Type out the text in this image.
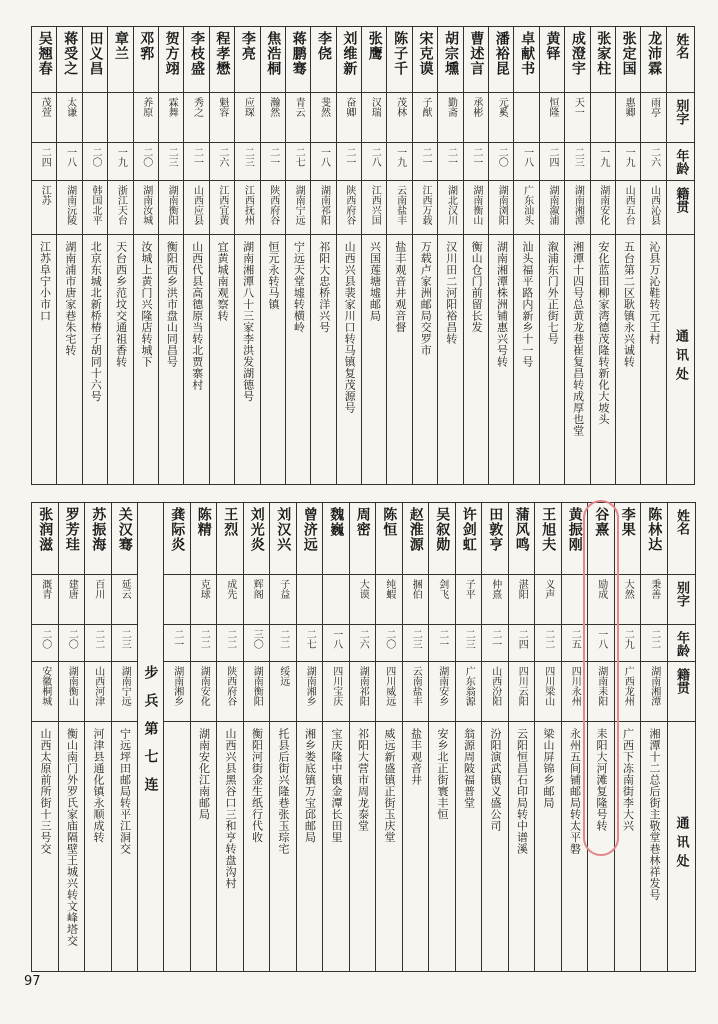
吴翘春	蒋受之	田义昌	章兰	邓郛	贺方翊	李枝盛	程孝懋	李亮	焦浩桐	蒋鹏骞	李侥	刘维新	张鹰	陈子千	宋克谟	胡宗壎	曹述言	潘裕昆	卓献书	黄铎	成澄宇	张家柱	张定国	龙沛霖	姓名
茂萱	太谦			养原	霖舞	秀之	魁容	应琛	瀚然	青云	斐然	奋卿	汉瑞	茂林	子猷	勤斋	承彬	元奚		恒隆	天一		惠卿	雨亭	别字
二四	一八	二〇	一九	二〇	二三	二一	二六	二三	二一	二七	一八	二一	二八	一九	二一	二一	二一	二〇	一八	二四	二三	一九	一九	二六	年龄
江苏	湖南沅陵	韩国北平	浙江天台	湖南汝城	湖南衡阳	山西应县	江西宜黄	江西抚州	陕西府谷	湖南宁远	湖南祁阳	陕西府谷	江西兴国	云南盐丰	江西万载	湖北汉川	湖南衡山	湖南浏阳	广东汕头	湖南溆浦	湖南湘潭	湖南安化	山西五台	山西沁县	籍贯
江苏阜宁小市口	湖南浦市唐家巷朱宅转	北京东城北新桥椿子胡同十六号	天台西乡范坟交通祖香转	汝城上黄门兴隆店转城下	衡阳西乡洪市盘山同昌号	山西代县高德原当转北贾寨村	宜黄城南观察转	湖南湘潭八十三家李洪发湖德号	恒元永转马镇	宁远天堂墟转横岭	祁阳大忠桥洋兴号	山西兴县裴家川口转马镇复茂源号	兴国莲塘墟邮局	盐丰观音井观音督	万载卢家洲邮局交罗市	汉川田二河阳裕昌转	衡山仓门前留长发	湖南湘潭株洲铺惠兴号转	汕头福平路内新乡十一号	溆浦东门外正街七号	湘潭十四号总黄龙巷崔复昌转成厚也堂	安化蓝田柳家湾德茂隆转新化大坡头	五台第二区耿镇永兴诚转	沁县万沁鞋转元王村	通讯处
张润滋	罗芳珪	苏振海	关汉骞	步兵第七连	龚际炎	陈精	王烈	刘光炎	刘汉兴	曾济远	魏巍	周密	陈恒	赵淮源	吴叙勋	许剑虹	田敦亨	蒲风鸣	王旭夫	黄振刚	谷熹	李果	陈林达	姓名
溉青	建唐	百川	延云			克球	成先	辉阁	子益			大谟	纯蝦	捆伯	剑飞	子平	仲熹	湛阳	义声		励成	大然	秉善	别字
二〇	二〇	二二	二三		二一	二二	二二	三〇	二二	二七	一八	二六	二〇	二三	二一	二三	二一	二四	二二	二五	一八	二九	二二	年龄
安徽桐城	湖南衡山	山西河津	湖南宁远		湖南湘乡	湖南安化	陕西府谷	湖南衡阳	绥远	湖南湘乡	四川宝庆	湖南祁阳	四川威远	云南盐丰	湖南安乡	广东翁源	山西汾阳	四川云阳	四川梁山	四川永州	湖南耒阳	广西龙州	湖南湘潭	籍贯
山西太原前所街十三号交	衡山南门外罗氏家庙隔壁王城兴转文峰塔交	河津县通化镇永顺成转	宁远坪田邮局转平江洞交			湖南安化江南邮局	山西兴县黑谷口三和亨转盘沟村	衡阳河街金生纸行代收	托县后街兴隆巷张玉琮宅	湘乡娄底镇万宝邱邮局	宝庆隆中镇金潭长田里	祁阳大营市周龙泰堂	威远新盛镇正街玉庆堂	盐丰观音井	安乡北正街寰丰恒	翁源周陂福普堂	汾阳演武镇义盛公司	云阳恒昌石印局转中谱溪	梁山屏锦乡邮局	永州五间铺邮局转太平磐	耒阳大河滩复隆号转	广西下冻南街李大兴	湘潭十二总后街主敬堂巷林祥发号	通讯处
97
